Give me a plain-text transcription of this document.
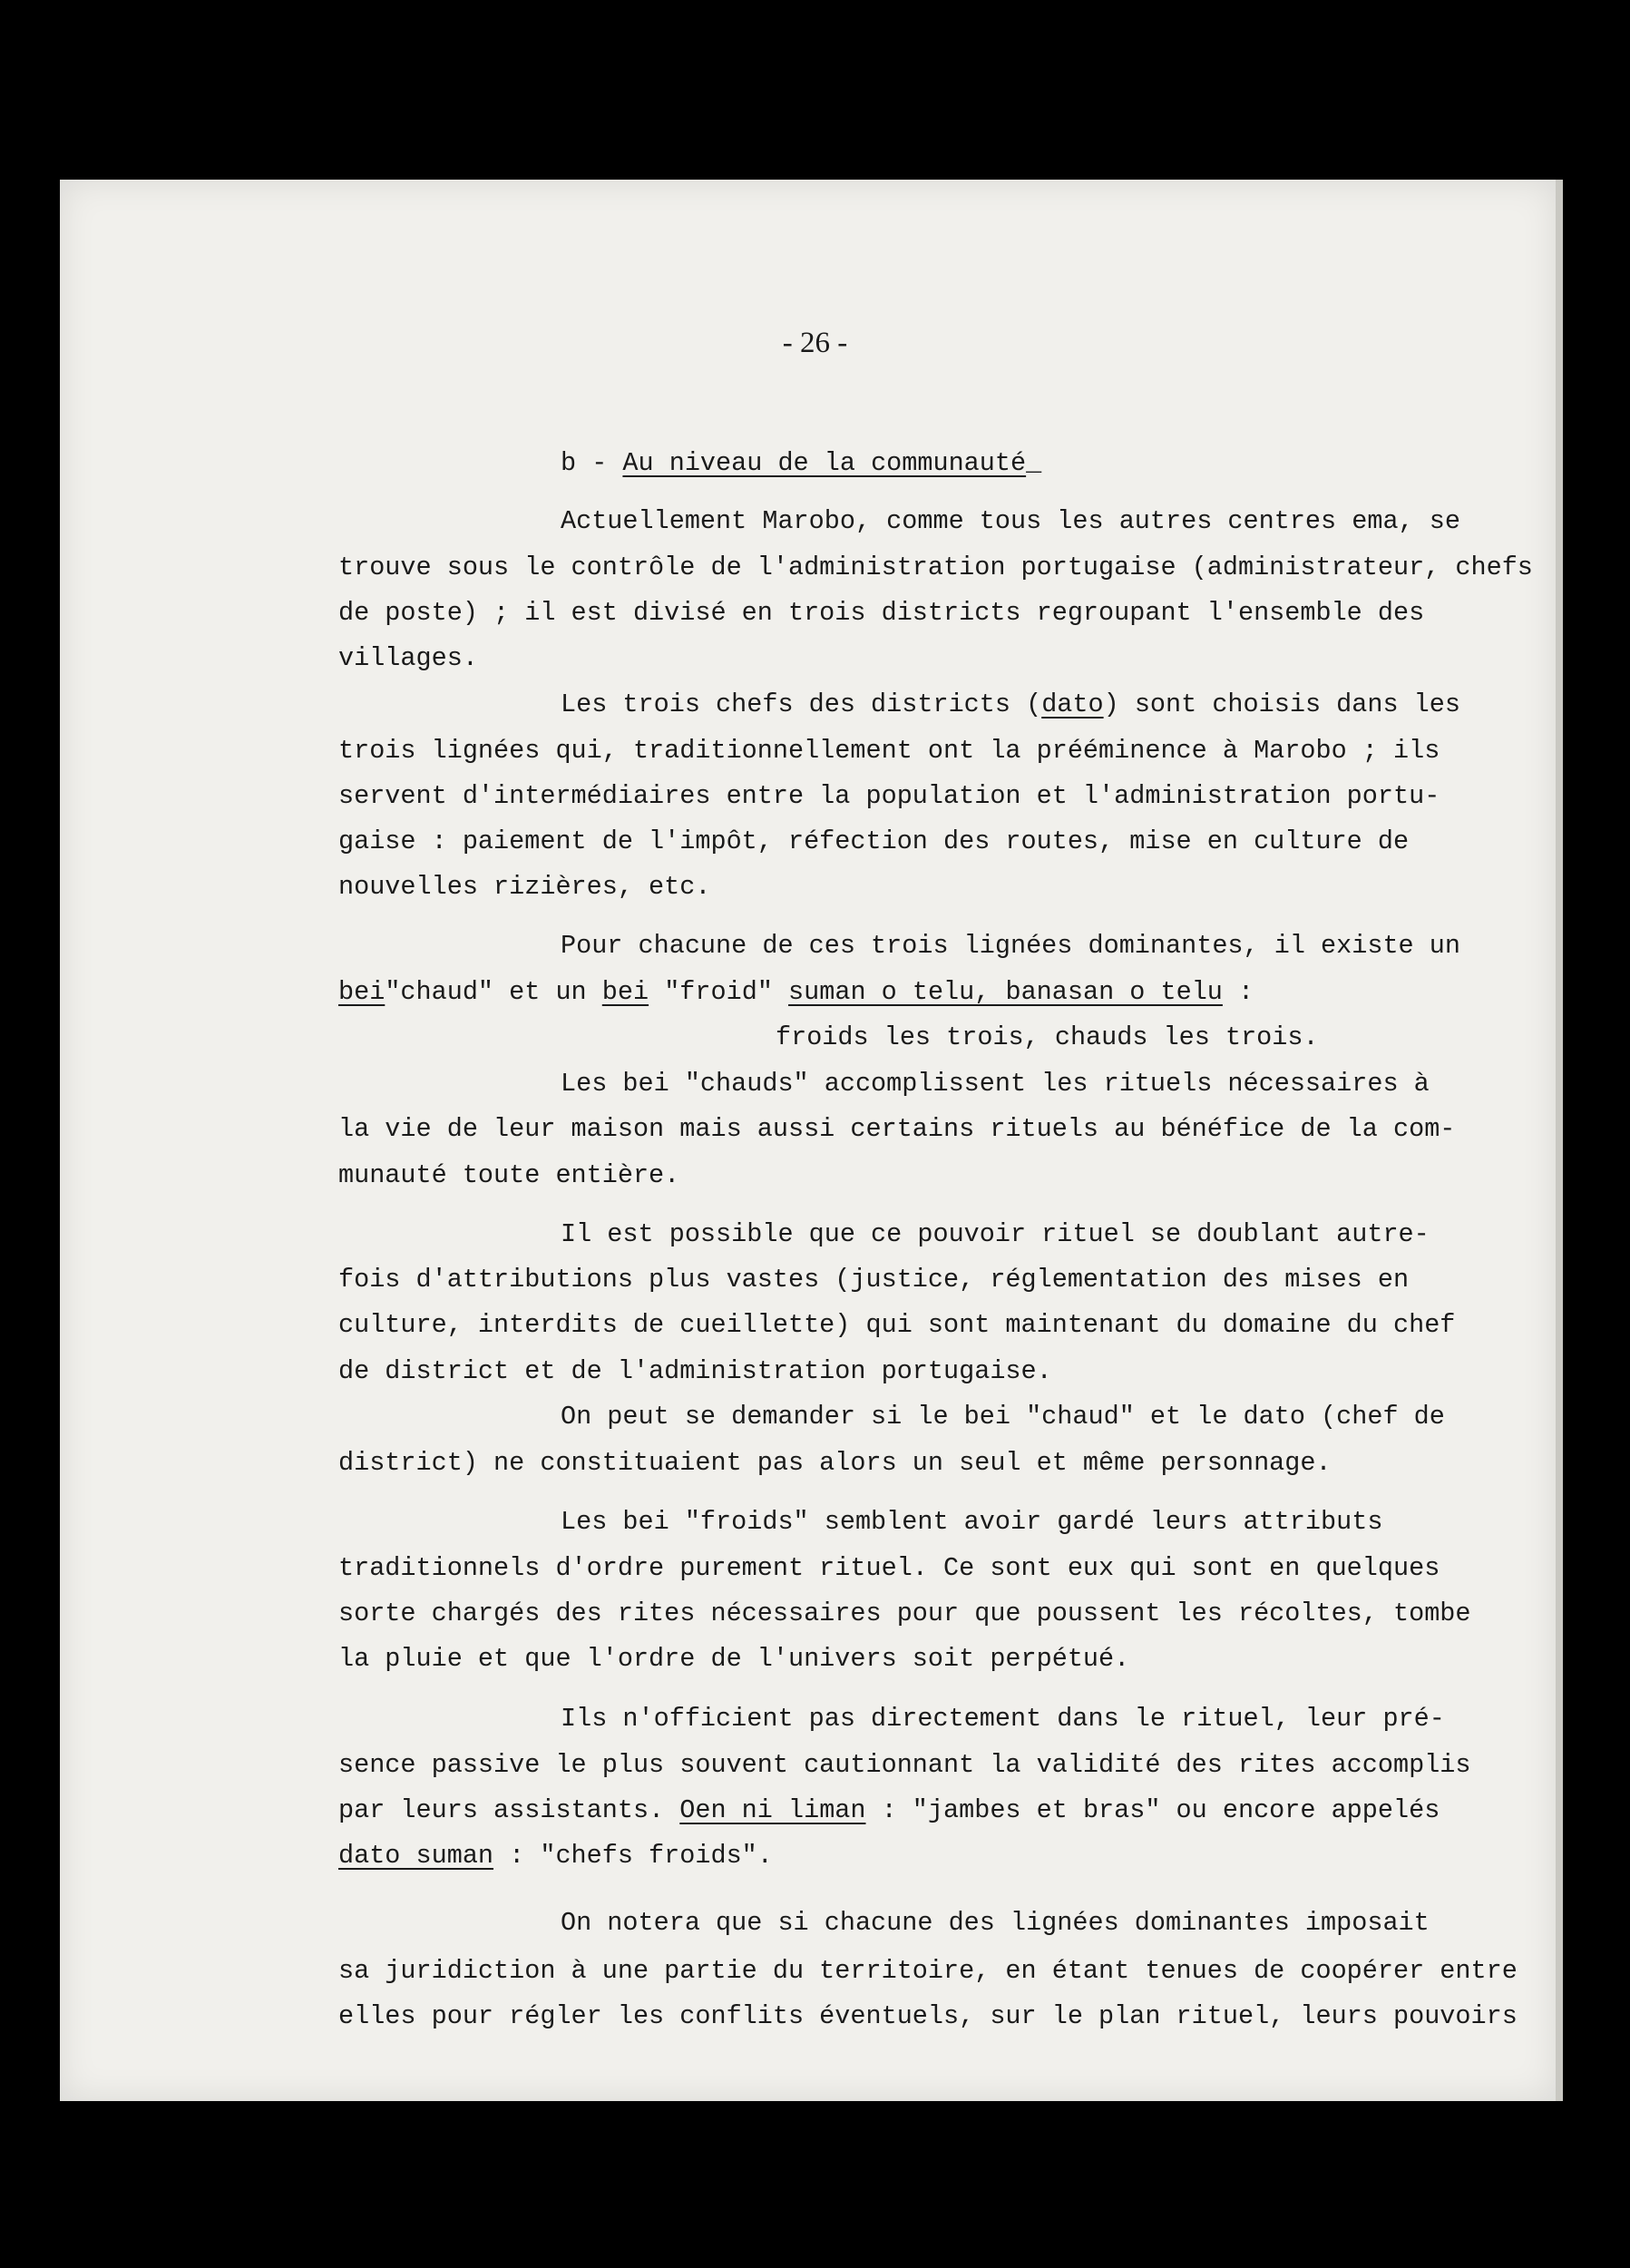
- 26 -
b - Au niveau de la communauté_
Actuellement Marobo, comme tous les autres centres ema, se
trouve sous le contrôle de l'administration portugaise (administrateur, chefs
de poste) ; il est divisé en trois districts regroupant l'ensemble des
villages.
Les trois chefs des districts (dato) sont choisis dans les
trois lignées qui, traditionnellement ont la prééminence à Marobo ; ils
servent d'intermédiaires entre la population et l'administration portu-
gaise : paiement de l'impôt, réfection des routes, mise en culture de
nouvelles rizières, etc.
Pour chacune de ces trois lignées dominantes, il existe un
bei"chaud" et un bei "froid" suman o telu, banasan o telu :
froids les trois, chauds les trois.
Les bei "chauds" accomplissent les rituels nécessaires à
la vie de leur maison mais aussi certains rituels au bénéfice de la com-
munauté toute entière.
Il est possible que ce pouvoir rituel se doublant autre-
fois d'attributions plus vastes (justice, réglementation des mises en
culture, interdits de cueillette) qui sont maintenant du domaine du chef
de district et de l'administration portugaise.
On peut se demander si le bei "chaud" et le dato (chef de
district) ne constituaient pas alors un seul et même personnage.
Les bei "froids" semblent avoir gardé leurs attributs
traditionnels d'ordre purement rituel. Ce sont eux qui sont en quelques
sorte chargés des rites nécessaires pour que poussent les récoltes, tombe
la pluie et que l'ordre de l'univers soit perpétué.
Ils n'officient pas directement dans le rituel, leur pré-
sence passive le plus souvent cautionnant la validité des rites accomplis
par leurs assistants. Oen ni liman : "jambes et bras" ou encore appelés
dato suman : "chefs froids".
On notera que si chacune des lignées dominantes imposait
sa juridiction à une partie du territoire, en étant tenues de coopérer entre
elles pour régler les conflits éventuels, sur le plan rituel, leurs pouvoirs
